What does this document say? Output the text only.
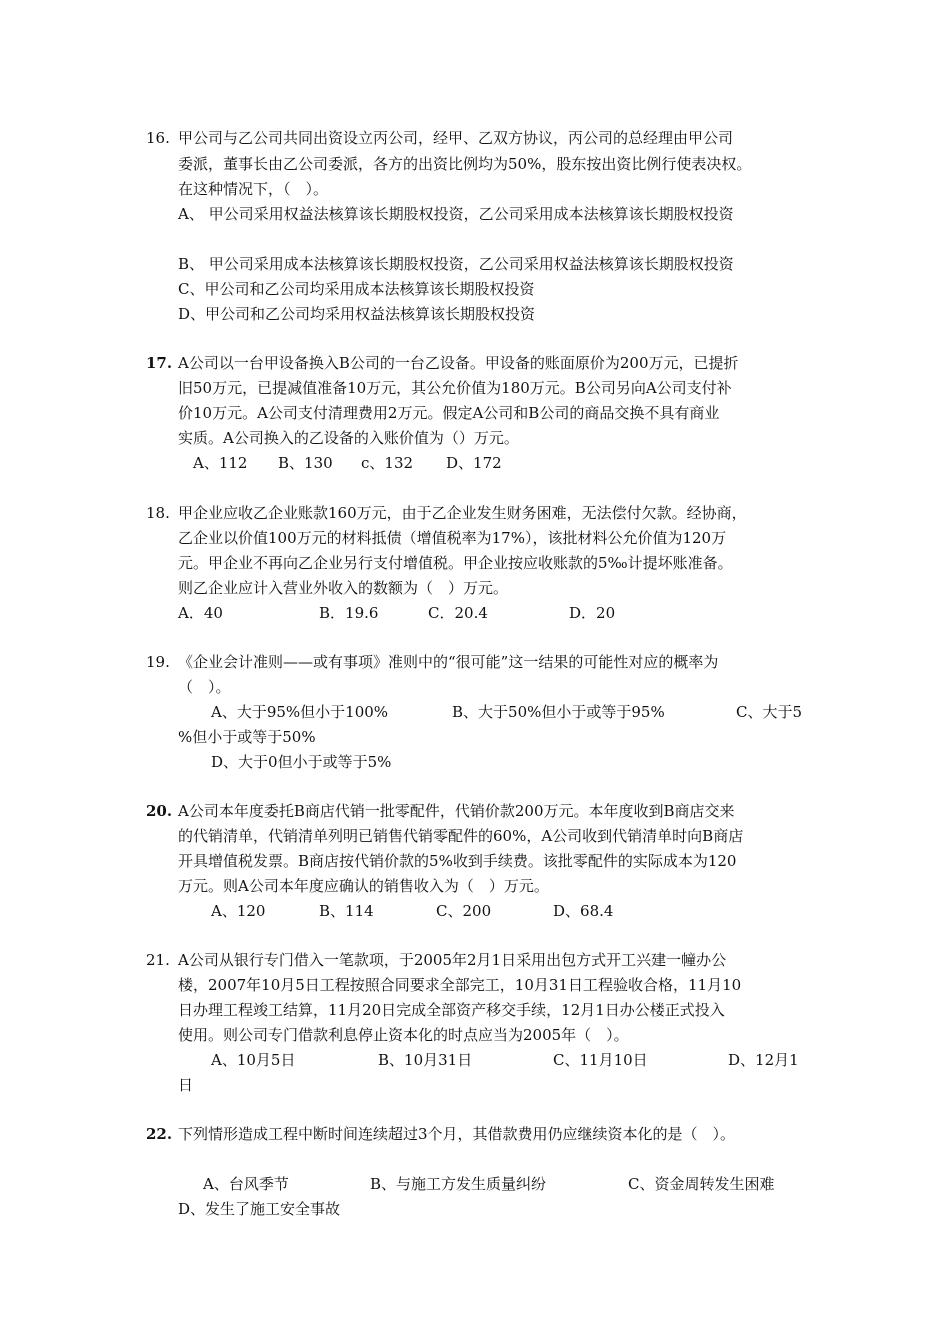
16. 甲公司与乙公司共同出资设立丙公司，经甲、乙双方协议，丙公司的总经理由甲公司
委派，董事长由乙公司委派，各方的出资比例均为50%，股东按出资比例行使表决权。
在这种情况下，（　）。
A、 甲公司采用权益法核算该长期股权投资，乙公司采用成本法核算该长期股权投资
B、 甲公司采用成本法核算该长期股权投资，乙公司采用权益法核算该长期股权投资
C、甲公司和乙公司均采用成本法核算该长期股权投资
D、甲公司和乙公司均采用权益法核算该长期股权投资
17. A公司以一台甲设备换入B公司的一台乙设备。甲设备的账面原价为200万元，已提折
旧50万元，已提减值准备10万元，其公允价值为180万元。B公司另向A公司支付补
价10万元。A公司支付清理费用2万元。假定A公司和B公司的商品交换不具有商业
实质。A公司换入的乙设备的入账价值为（）万元。
A、112 B、130 c、132 D、172
18. 甲企业应收乙企业账款160万元，由于乙企业发生财务困难，无法偿付欠款。经协商，
乙企业以价值100万元的材料抵债（增值税率为17%），该批材料公允价值为120万
元。甲企业不再向乙企业另行支付增值税。甲企业按应收账款的5‰计提坏账准备。
则乙企业应计入营业外收入的数额为（　）万元。
A．40	B．19.6	C．20.4	D．20
19. 《企业会计准则——或有事项》准则中的“很可能”这一结果的可能性对应的概率为
（　）。
A、大于95%但小于100%	B、大于50%但小于或等于95%	C、大于5
%但小于或等于50%
D、大于0但小于或等于5%
20. A公司本年度委托B商店代销一批零配件，代销价款200万元。本年度收到B商店交来
的代销清单，代销清单列明已销售代销零配件的60%，A公司收到代销清单时向B商店
开具增值税发票。B商店按代销价款的5%收到手续费。该批零配件的实际成本为120
万元。则A公司本年度应确认的销售收入为（　）万元。
A、120	B、114	C、200	D、68.4
21. A公司从银行专门借入一笔款项，于2005年2月1日采用出包方式开工兴建一幢办公
楼，2007年10月5日工程按照合同要求全部完工，10月31日工程验收合格，11月10
日办理工程竣工结算，11月20日完成全部资产移交手续，12月1日办公楼正式投入
使用。则公司专门借款利息停止资本化的时点应当为2005年（　）。
A、10月5日	B、10月31日	C、11月10日	D、12月1
日
22. 下列情形造成工程中断时间连续超过3个月，其借款费用仍应继续资本化的是（　）。
A、台风季节	B、与施工方发生质量纠纷	C、资金周转发生困难
D、发生了施工安全事故
